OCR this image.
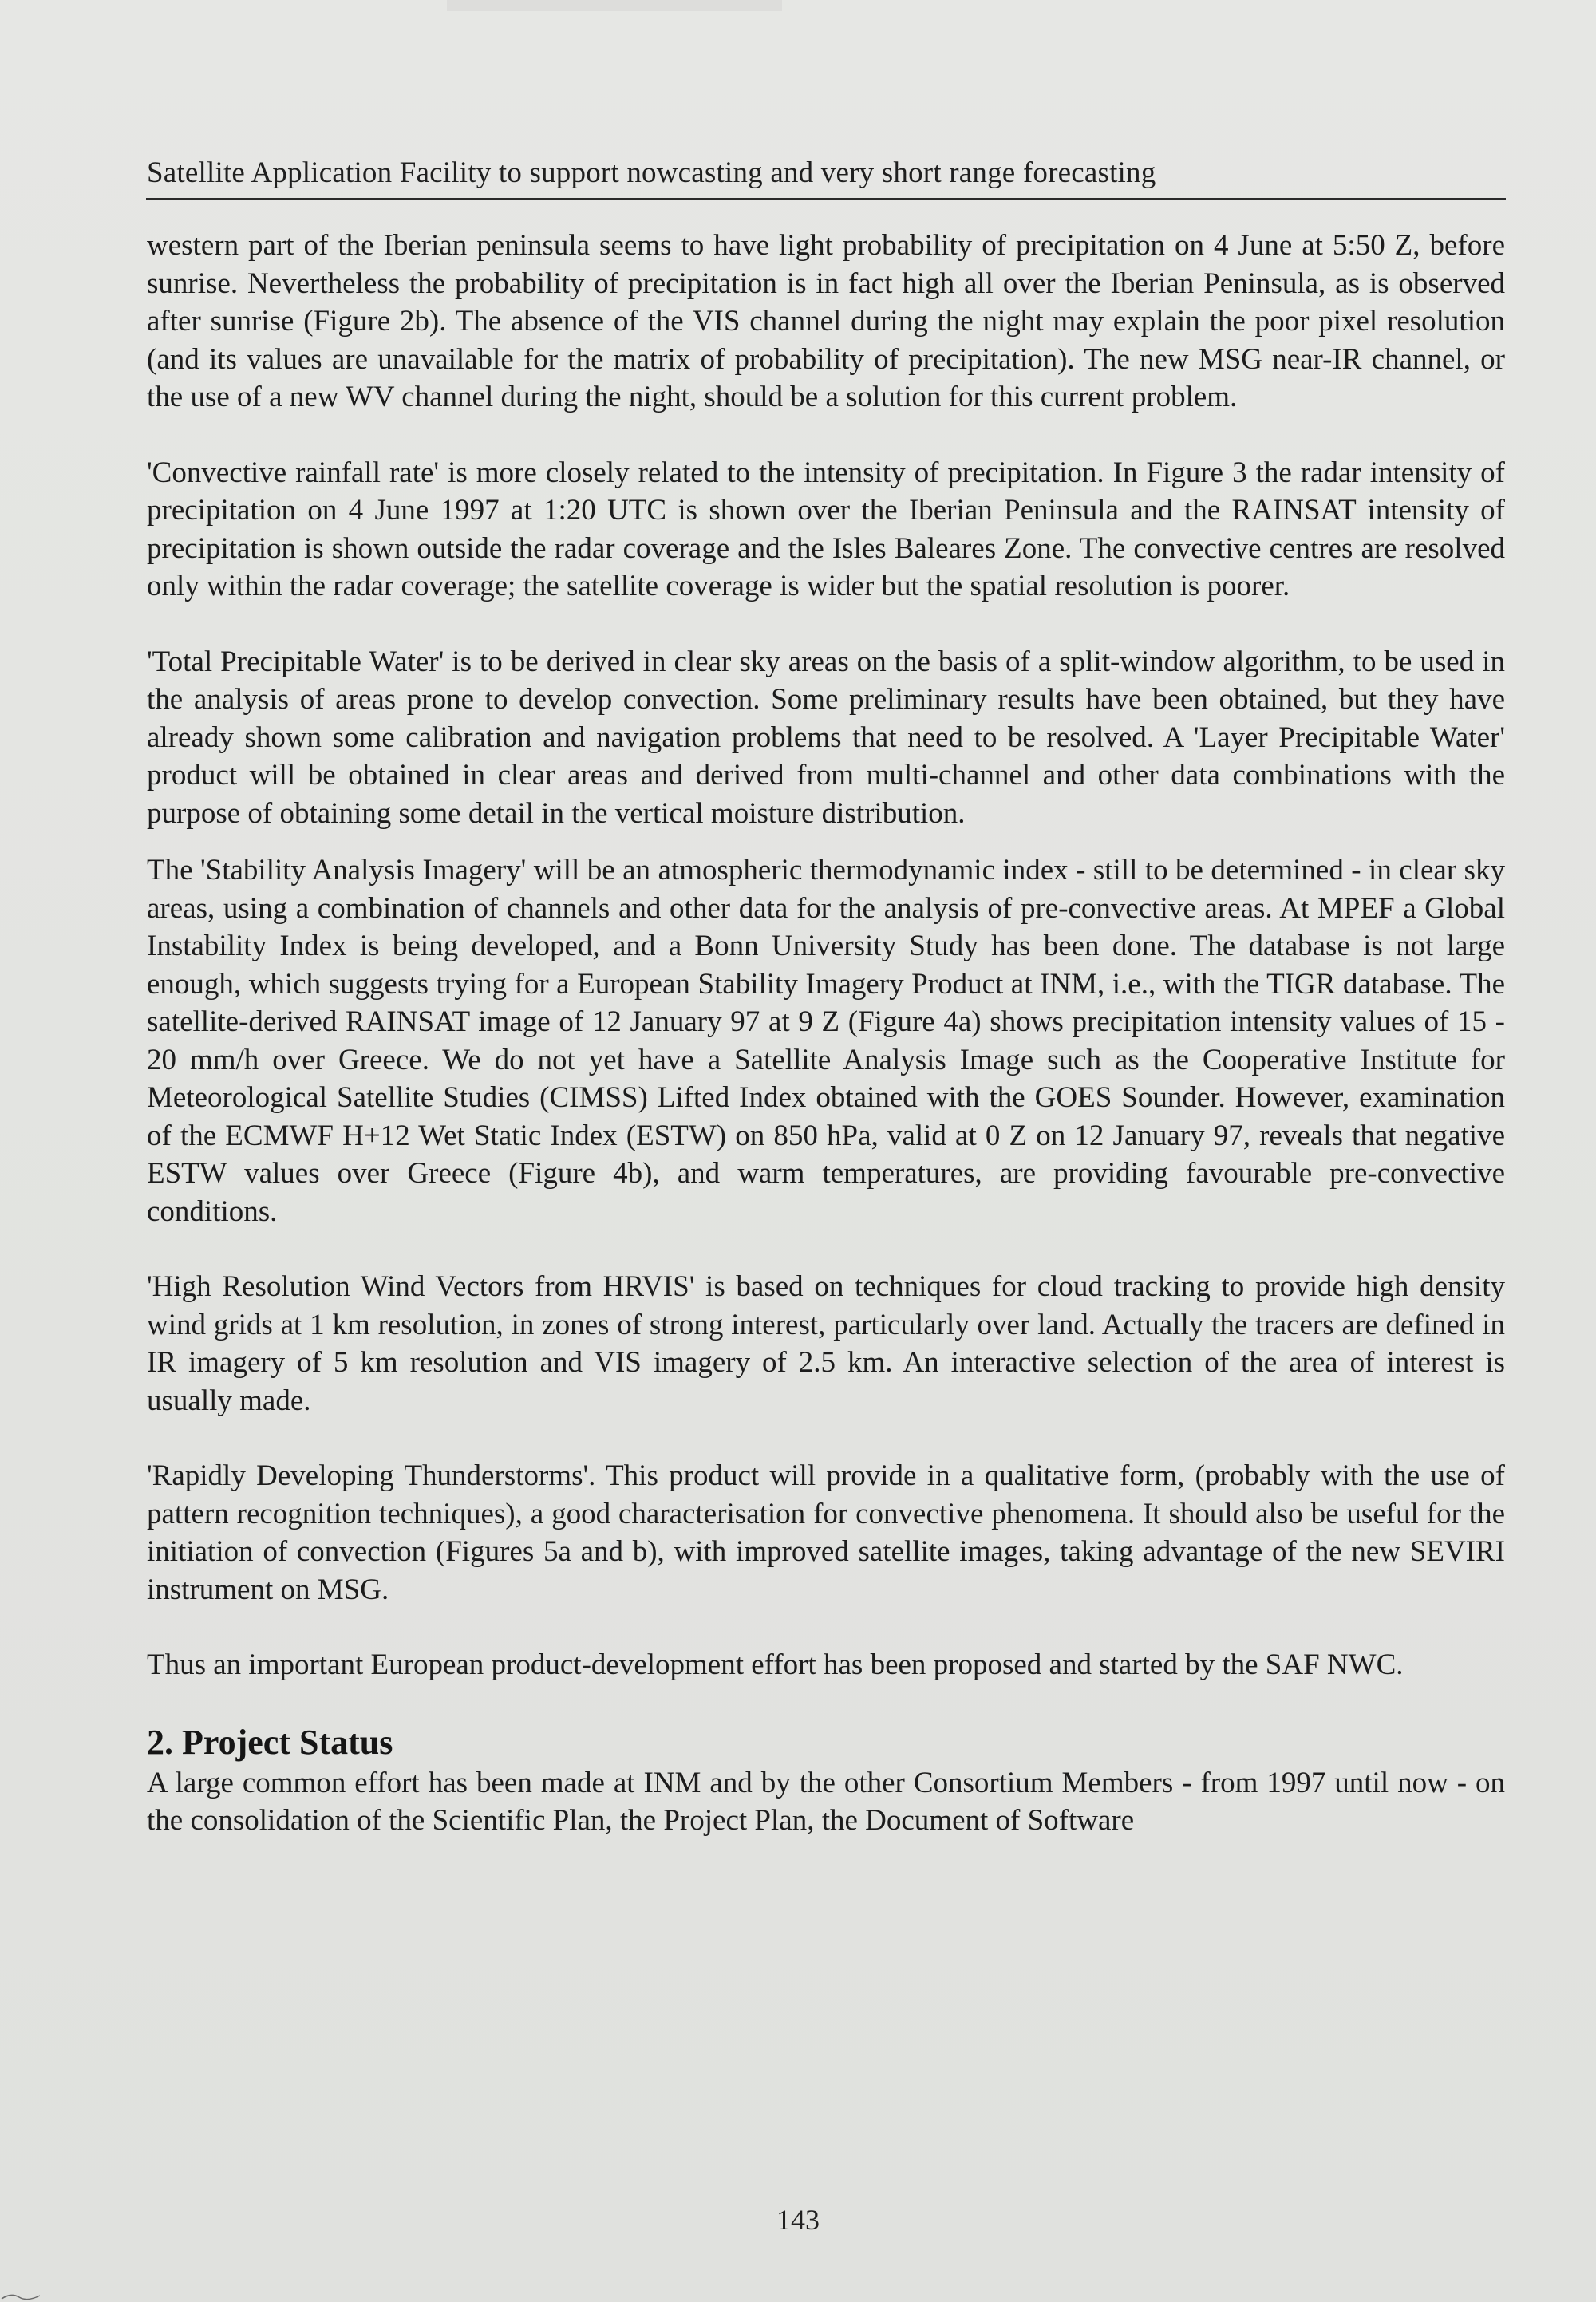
Satellite Application Facility to support nowcasting and very short range forecasting

western part of the Iberian peninsula seems to have light probability of precipitation on 4 June at 5:50 Z, before sunrise. Nevertheless the probability of precipitation is in fact high all over the Iberian Peninsula, as is observed after sunrise (Figure 2b). The absence of the VIS channel during the night may explain the poor pixel resolution (and its values are unavailable for the matrix of probability of precipitation). The new MSG near-IR channel, or the use of a new WV channel during the night, should be a solution for this current problem.

'Convective rainfall rate' is more closely related to the intensity of precipitation. In Figure 3 the radar intensity of precipitation on 4 June 1997 at 1:20 UTC is shown over the Iberian Peninsula and the RAINSAT intensity of precipitation is shown outside the radar coverage and the Isles Baleares Zone. The convective centres are resolved only within the radar coverage; the satellite coverage is wider but the spatial resolution is poorer.

'Total Precipitable Water' is to be derived in clear sky areas on the basis of a split-window algorithm, to be used in the analysis of areas prone to develop convection. Some preliminary results have been obtained, but they have already shown some calibration and navigation problems that need to be resolved. A 'Layer Precipitable Water' product will be obtained in clear areas and derived from multi-channel and other data combinations with the purpose of obtaining some detail in the vertical moisture distribution.

The 'Stability Analysis Imagery' will be an atmospheric thermodynamic index - still to be determined - in clear sky areas, using a combination of channels and other data for the analysis of pre-convective areas. At MPEF a Global Instability Index is being developed, and a Bonn University Study has been done. The database is not large enough, which suggests trying for a European Stability Imagery Product at INM, i.e., with the TIGR database. The satellite-derived RAINSAT image of 12 January 97 at 9 Z (Figure 4a) shows precipitation intensity values of 15 - 20 mm/h over Greece. We do not yet have a Satellite Analysis Image such as the Cooperative Institute for Meteorological Satellite Studies (CIMSS) Lifted Index obtained with the GOES Sounder. However, examination of the ECMWF H+12 Wet Static Index (ESTW) on 850 hPa, valid at 0 Z on 12 January 97, reveals that negative ESTW values over Greece (Figure 4b), and warm temperatures, are providing favourable pre-convective conditions.

'High Resolution Wind Vectors from HRVIS' is based on techniques for cloud tracking to provide high density wind grids at 1 km resolution, in zones of strong interest, particularly over land. Actually the tracers are defined in IR imagery of 5 km resolution and VIS imagery of 2.5 km. An interactive selection of the area of interest is usually made.

'Rapidly Developing Thunderstorms'. This product will provide in a qualitative form, (probably with the use of pattern recognition techniques), a good characterisation for convective phenomena. It should also be useful for the initiation of convection (Figures 5a and b), with improved satellite images, taking advantage of the new SEVIRI instrument on MSG.

Thus an important European product-development effort has been proposed and started by the SAF NWC.

2. Project Status

A large common effort has been made at INM and by the other Consortium Members - from 1997 until now - on the consolidation of the Scientific Plan, the Project Plan, the Document of Software

143
